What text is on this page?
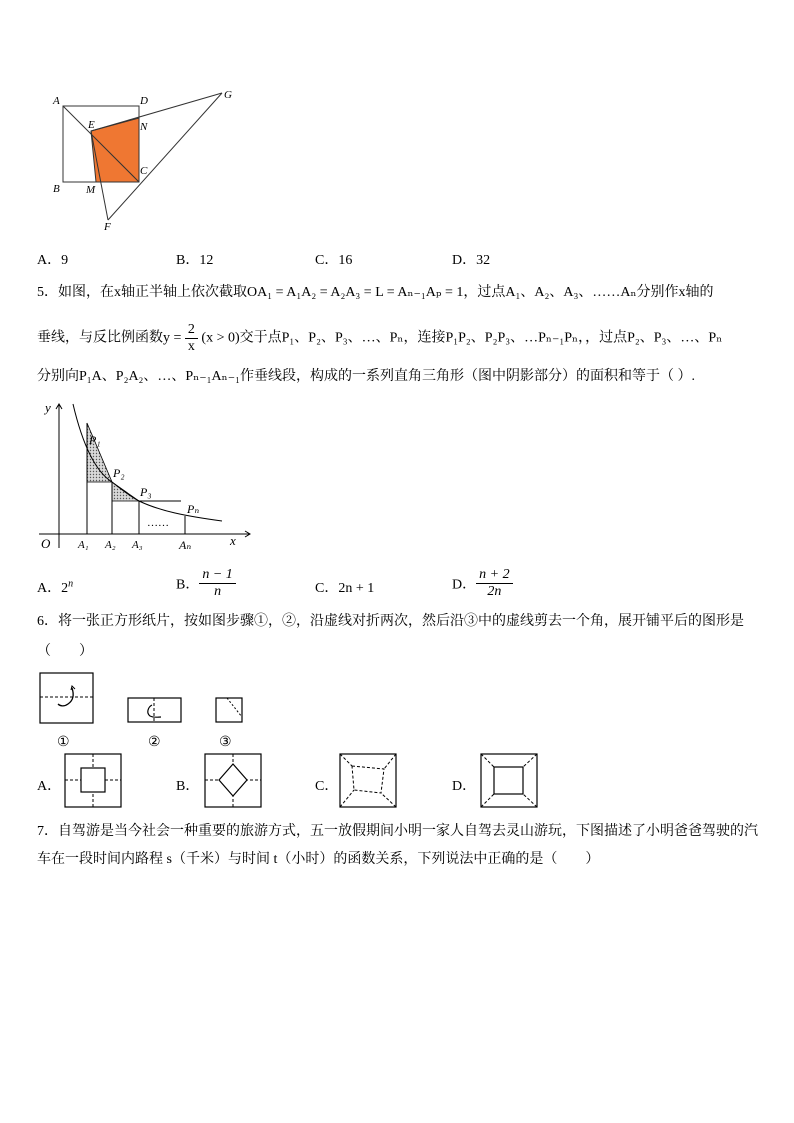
A	D	G
E	N
C
B M
F
A．9	B．12	C．16	D．32
5．如图，在x轴正半轴上依次截取OA₁ = A₁A₂ = A₂A₃ = L = Aₙ₋₁Aₚ = 1，过点A₁、A₂、A₃、……Aₙ分别作x轴的
垂线，与反比例函数$y = \frac{2}{x} (x > 0)$交于点P₁、P₂、P₃、…、Pₙ，连接P₁P₂、P₂P₃、…Pₙ₋₁Pₙ，，过点P₂、P₃、…、Pₙ
分别向P₁A、P₂A₂、…、Pₙ₋₁Aₙ₋₁作垂线段，构成的一系列直角三角形（图中阴影部分）的面积和等于（ ）.
y
x
O
P₁
P₂
P₃
Pₙ
……
A₁ A₂ A₃	Aₙ
A．2$^n$	B． $\frac{n - 1}{n}$	C．2n + 1	D． $\frac{n + 2}{2n}$
6．将一张正方形纸片，按如图步骤①，②，沿虚线对折两次，然后沿③中的虚线剪去一个角，展开铺平后的图形是
（　　）
①	②	③
A．	B．	C．	D．
7．自驾游是当今社会一种重要的旅游方式，五一放假期间小明一家人自驾去灵山游玩，下图描述了小明爸爸驾驶的汽
车在一段时间内路程 s（千米）与时间 t（小时）的函数关系，下列说法中正确的是（　　）
